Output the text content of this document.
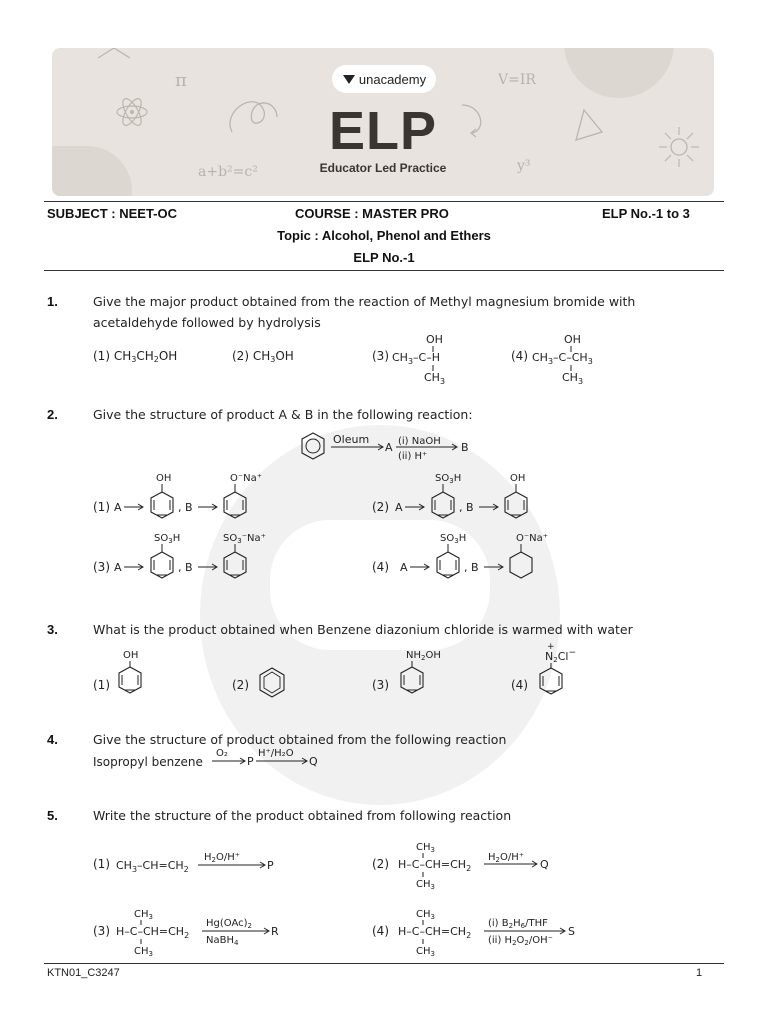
π	V=IR
a+b²=c²	y³
unacademy
ELP
Educator Led Practice
SUBJECT : NEET-OC	COURSE : MASTER PRO	ELP No.-1 to 3
Topic : Alcohol, Phenol and Ethers
ELP No.-1
1.	Give the major product obtained from the reaction of Methyl magnesium bromide with acetaldehyde followed by hydrolysis
(1) $CH_3CH_2OH$	(2) $CH_3OH$	(3)
OH
$CH_3-C-H$
$CH_3$
(4)
OH
$CH_3-C-CH_3$
$CH_3$
2.	Give the structure of product A & B in the following reaction:
Oleum
A (i) NaOH
(ii) H⁺
B
(1) A
OH
, B
O⁻Na⁺
(2) A
$SO_3H$
, B
OH
(3) A
$SO_3H$
, B
$SO_3^-Na^+$
(4) A
$SO_3H$
, B
O⁻Na⁺
3.	What is the product obtained when Benzene diazonium chloride is warmed with water
(1)
OH
(2)	(3)
$NH_2OH$
(4)
+
N2Cl−
4.	Give the structure of product obtained from the following reaction
Isopropyl benzene
O₂
P
H⁺/H₂O
Q
5.	Write the structure of the product obtained from following reaction
(1) $CH_3-CH=CH_2$
$H_2O/H^+$
P	(2)
$CH_3$
$H-C-CH=CH_2$
$CH_3$
$H_2O/H^+$
Q
(3)
$CH_3$
$H-C-CH=CH_2$
$CH_3$
$Hg(OAc)_2$
NaBH$_4$
R	(4)
$CH_3$
$H-C-CH=CH_2$
$CH_3$
(i) $B_2H_6$/THF
(ii) $H_2O_2/OH^-$
S
KTN01_C3247	1
